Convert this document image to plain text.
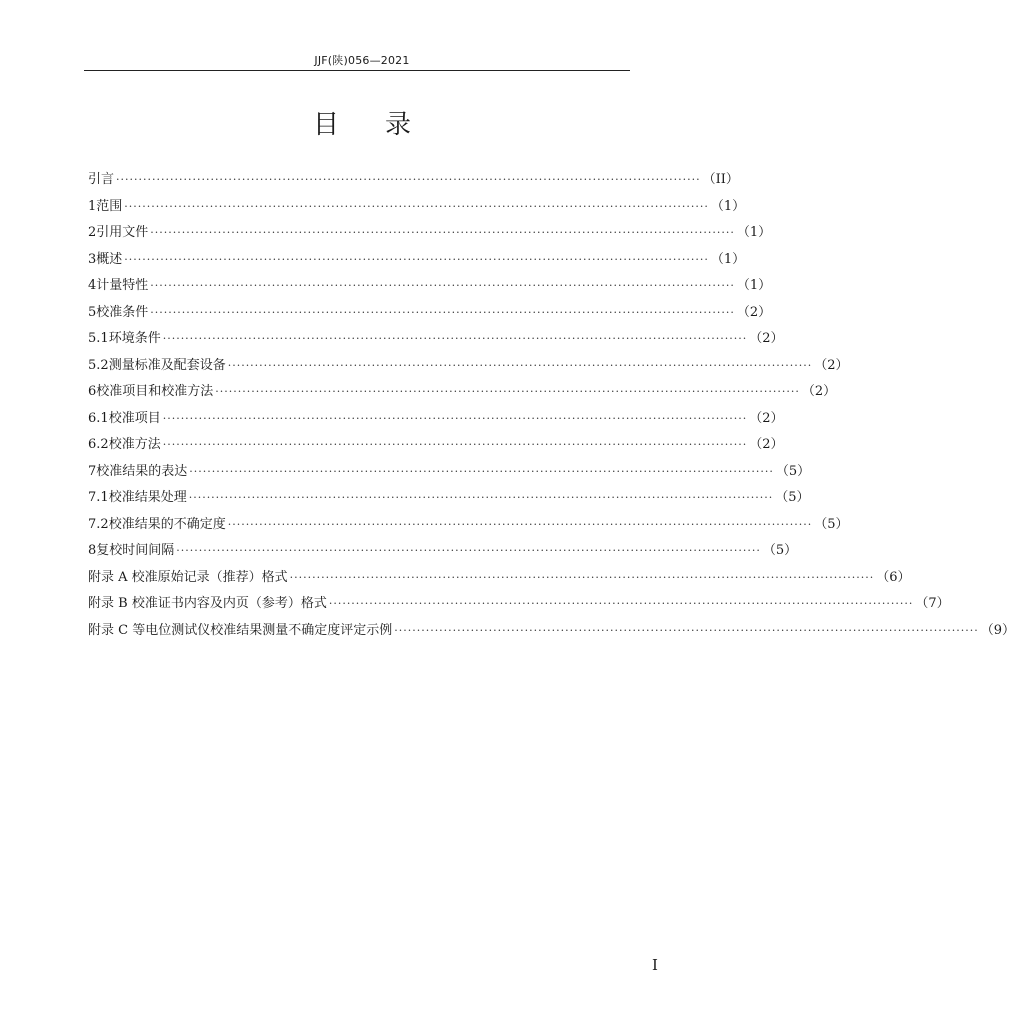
JJF(陕)056—2021
目录
引言 ·································································································································· （II）
1 范围 ·································································································································· （1）
2 引用文件 ·································································································································· （1）
3 概述 ·································································································································· （1）
4 计量特性 ·································································································································· （1）
5 校准条件 ·································································································································· （2）
5.1 环境条件 ·································································································································· （2）
5.2 测量标准及配套设备 ·································································································································· （2）
6 校准项目和校准方法 ·································································································································· （2）
6.1 校准项目 ·································································································································· （2）
6.2 校准方法 ·································································································································· （2）
7 校准结果的表达 ·································································································································· （5）
7.1 校准结果处理 ·································································································································· （5）
7.2 校准结果的不确定度 ·································································································································· （5）
8 复校时间间隔 ·································································································································· （5）
附录 A 校准原始记录（推荐）格式 ·································································································································· （6）
附录 B 校准证书内容及内页（参考）格式 ·································································································································· （7）
附录 C 等电位测试仪校准结果测量不确定度评定示例 ·································································································································· （9）
I
